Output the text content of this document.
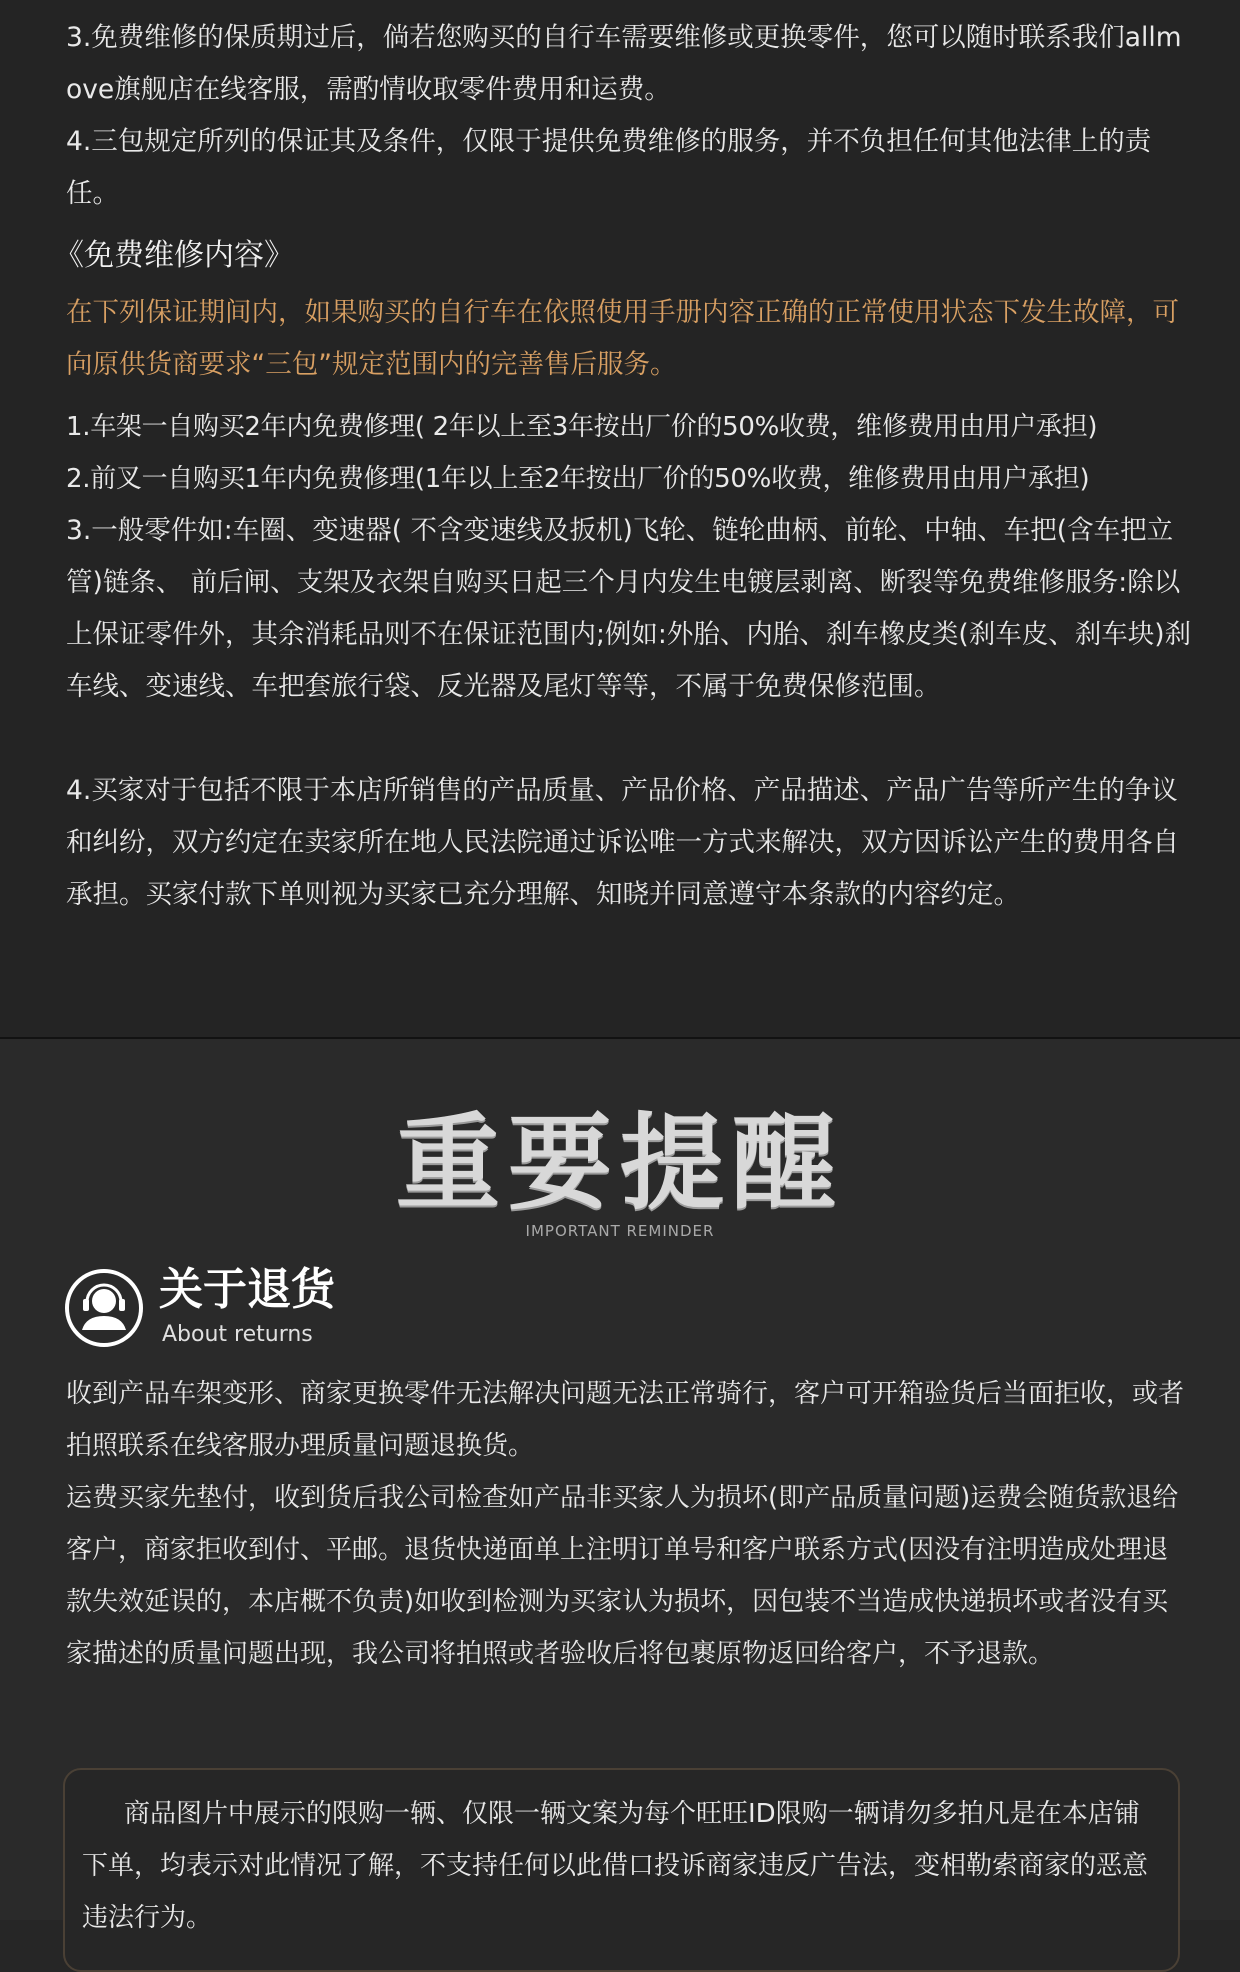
3.免费维修的保质期过后，倘若您购买的自行车需要维修或更换零件，您可以随时联系我们allmove旗舰店在线客服，需酌情收取零件费用和运费。
4.三包规定所列的保证其及条件，仅限于提供免费维修的服务，并不负担任何其他法律上的责任。
《免费维修内容》
在下列保证期间内，如果购买的自行车在依照使用手册内容正确的正常使用状态下发生故障，可向原供货商要求“三包”规定范围内的完善售后服务。
1.车架一自购买2年内免费修理( 2年以上至3年按出厂价的50%收费，维修费用由用户承担)
2.前叉一自购买1年内免费修理(1年以上至2年按出厂价的50%收费，维修费用由用户承担)
3.一般零件如:车圈、变速器( 不含变速线及扳机)飞轮、链轮曲柄、前轮、中轴、车把(含车把立管)链条、 前后闸、支架及衣架自购买日起三个月内发生电镀层剥离、断裂等免费维修服务:除以上保证零件外，其余消耗品则不在保证范围内;例如:外胎、内胎、刹车橡皮类(刹车皮、刹车块)刹车线、变速线、车把套旅行袋、反光器及尾灯等等，不属于免费保修范围。
4.买家对于包括不限于本店所销售的产品质量、产品价格、产品描述、产品广告等所产生的争议和纠纷，双方约定在卖家所在地人民法院通过诉讼唯一方式来解决，双方因诉讼产生的费用各自承担。买家付款下单则视为买家已充分理解、知晓并同意遵守本条款的内容约定。
重要提醒
IMPORTANT REMINDER
关于退货
About returns
收到产品车架变形、商家更换零件无法解决问题无法正常骑行，客户可开箱验货后当面拒收，或者拍照联系在线客服办理质量问题退换货。
运费买家先垫付，收到货后我公司检查如产品非买家人为损坏(即产品质量问题)运费会随货款退给客户，商家拒收到付、平邮。退货快递面单上注明订单号和客户联系方式(因没有注明造成处理退款失效延误的，本店概不负责)如收到检测为买家认为损坏，因包装不当造成快递损坏或者没有买家描述的质量问题出现，我公司将拍照或者验收后将包裹原物返回给客户，不予退款。
商品图片中展示的限购一辆、仅限一辆文案为每个旺旺ID限购一辆请勿多拍凡是在本店铺下单，均表示对此情况了解，不支持任何以此借口投诉商家违反广告法，变相勒索商家的恶意违法行为。
